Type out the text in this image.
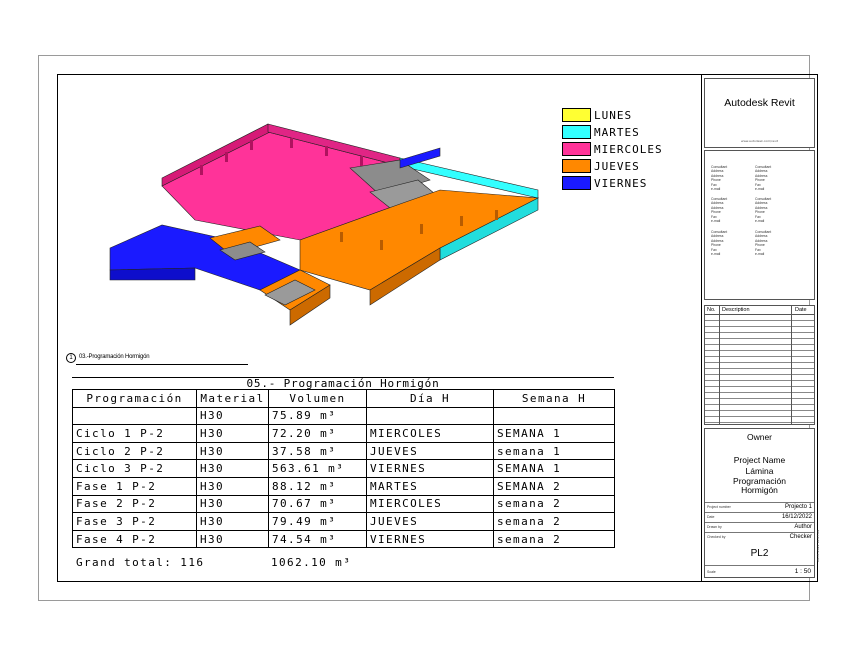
1	03.-Programación Hormigón
LUNES
MARTES
MIERCOLES
JUEVES
VIERNES
05.- Programación Hormigón
Programación	Material	Volumen	Día H	Semana H
	H30	75.89 m³		
Ciclo 1 P-2	H30	72.20 m³	MIERCOLES	SEMANA 1
Ciclo 2 P-2	H30	37.58 m³	JUEVES	semana 1
Ciclo 3 P-2	H30	563.61 m³	VIERNES	SEMANA 1
Fase 1 P-2	H30	88.12 m³	MARTES	SEMANA 2
Fase 2 P-2	H30	70.67 m³	MIERCOLES	semana 2
Fase 3 P-2	H30	79.49 m³	JUEVES	semana 2
Fase 4 P-2	H30	74.54 m³	VIERNES	semana 2
Grand total: 116	1062.10 m³
Autodesk Revit
www.autodesk.com/revit
Consultant
Address
Address
Phone
Fax
e-mail
Consultant
Address
Address
Phone
Fax
e-mail
Consultant
Address
Address
Phone
Fax
e-mail
Consultant
Address
Address
Phone
Fax
e-mail
Consultant
Address
Address
Phone
Fax
e-mail
Consultant
Address
Address
Phone
Fax
e-mail
No. Description	Date
Owner
Project Name
Lámina
Programación
Hormigón
Project number	Projecto 1
Date	16/12/2022
Drawn by	Author
Checked by	Checker
PL2
Scale	1 : 50
29-11-2022 16:07:09
